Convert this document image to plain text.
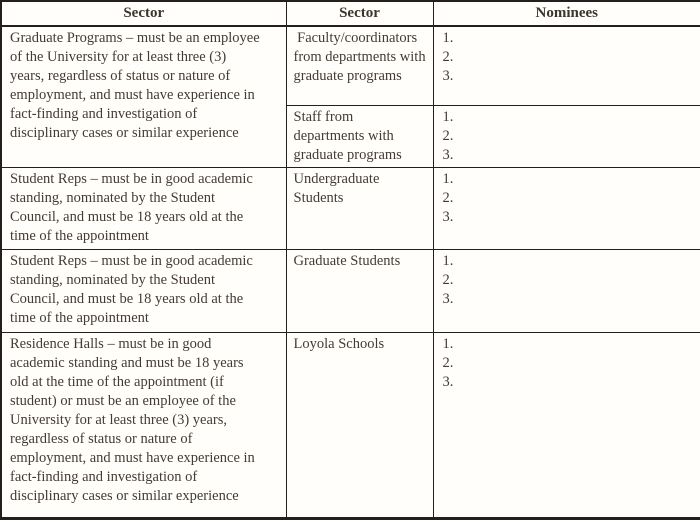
Sector	Sector	Nominees
Graduate Programs – must be an employee of the University for at least three (3) years, regardless of status or nature of employment, and must have experience in fact-finding and investigation of disciplinary cases or similar experience	Faculty/coordinators from departments with graduate programs	
1.
2.
3.

	Staff from departments with graduate programs	1.
2.
3.

Student Reps – must be in good academic standing, nominated by the Student Council, and must be 18 years old at the time of the appointment	Undergraduate Students	1.
2.
3.

Student Reps – must be in good academic standing, nominated by the Student Council, and must be 18 years old at the time of the appointment	Graduate Students	1.
2.
3.

Residence Halls – must be in good academic standing and must be 18 years old at the time of the appointment (if student) or must be an employee of the University for at least three (3) years, regardless of status or nature of employment, and must have experience in fact-finding and investigation of disciplinary cases or similar experience	Loyola Schools	1.
2.
3.
